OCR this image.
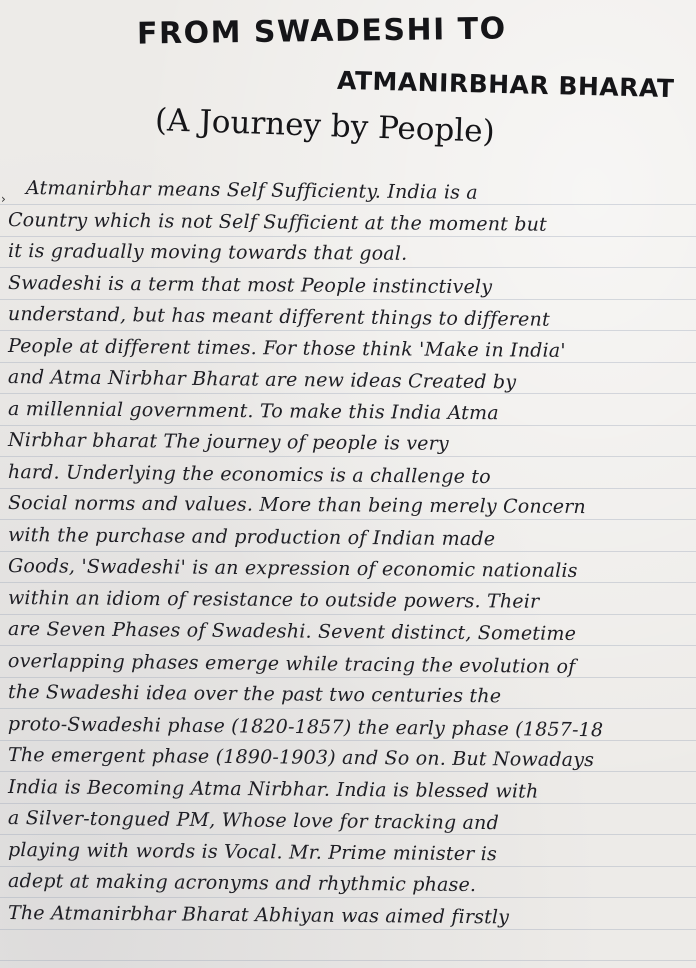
FROM SWADESHI TO
ATMANIRBHAR BHARAT
(A Journey by People)
› Atmanirbhar means Self Sufficienty. India is a
Country which is not Self Sufficient at the moment but
it is gradually moving towards that goal.
Swadeshi is a term that most People instinctively
understand, but has meant different things to different
People at different times. For those think 'Make in India'
and Atma Nirbhar Bharat are new ideas Created by
a millennial government. To make this India Atma
Nirbhar bharat The journey of people is very
hard. Underlying the economics is a challenge to
Social norms and values. More than being merely Concern
with the purchase and production of Indian made
Goods, 'Swadeshi' is an expression of economic nationalis
within an idiom of resistance to outside powers. Their
are Seven Phases of Swadeshi. Sevent distinct, Sometime
overlapping phases emerge while tracing the evolution of
the Swadeshi idea over the past two centuries the
proto-Swadeshi phase (1820-1857) the early phase (1857-18
The emergent phase (1890-1903) and So on. But Nowadays
India is Becoming Atma Nirbhar. India is blessed with
a Silver-tongued PM, Whose love for tracking and
playing with words is Vocal. Mr. Prime minister is
adept at making acronyms and rhythmic phase.
The Atmanirbhar Bharat Abhiyan was aimed firstly
